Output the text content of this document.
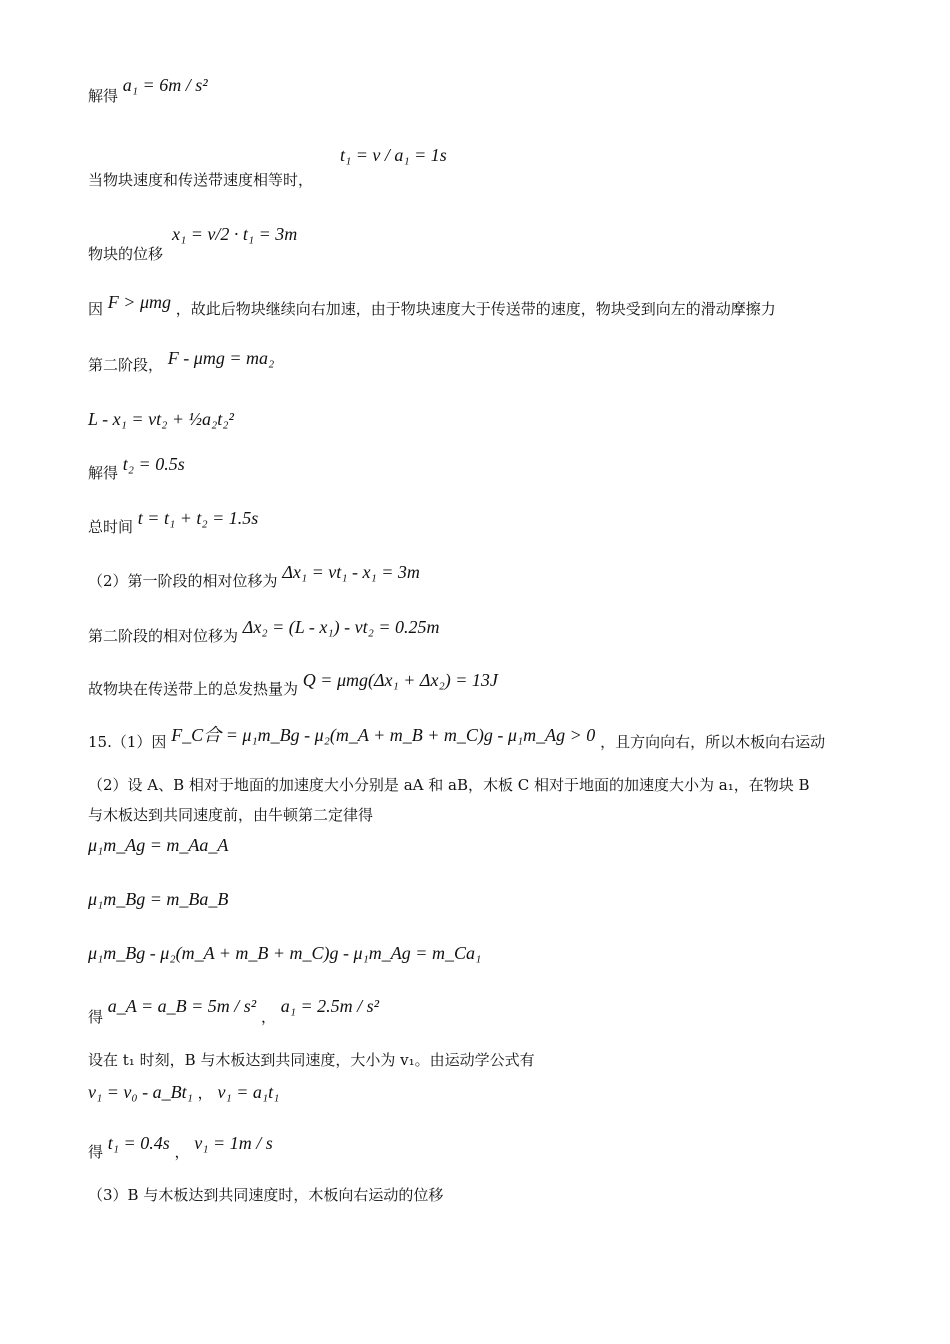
解得 a₁ = 6m / s²
当物块速度和传送带速度相等时，
t₁ = v / a₁ = 1s
物块的位移
x₁ = v/2 · t₁ = 3m
因 F > μmg ，故此后物块继续向右加速，由于物块速度大于传送带的速度，物块受到向左的滑动摩擦力
第二阶段， F - μmg = ma₂
L - x₁ = vt₂ + ½a₂t₂²
解得 t₂ = 0.5s
总时间 t = t₁ + t₂ = 1.5s
（2）第一阶段的相对位移为 Δx₁ = vt₁ - x₁ = 3m
第二阶段的相对位移为 Δx₂ = (L - x₁) - vt₂ = 0.25m
故物块在传送带上的总发热量为 Q = μmg(Δx₁ + Δx₂) = 13J
15.（1）因 F_C合 = μ₁m_Bg - μ₂(m_A + m_B + m_C)g - μ₁m_Ag > 0 ，且方向向右，所以木板向右运动
（2）设 A、B 相对于地面的加速度大小分别是 aA 和 aB，木板 C 相对于地面的加速度大小为 a₁，在物块 B
与木板达到共同速度前，由牛顿第二定律得
μ₁m_Ag = m_Aa_A
μ₁m_Bg = m_Ba_B
μ₁m_Bg - μ₂(m_A + m_B + m_C)g - μ₁m_Ag = m_Ca₁
得 a_A = a_B = 5m / s² ， a₁ = 2.5m / s²
设在 t₁ 时刻，B 与木板达到共同速度，大小为 v₁。由运动学公式有
v₁ = v₀ - a_Bt₁ ， v₁ = a₁t₁
得 t₁ = 0.4s ， v₁ = 1m / s
（3）B 与木板达到共同速度时，木板向右运动的位移
